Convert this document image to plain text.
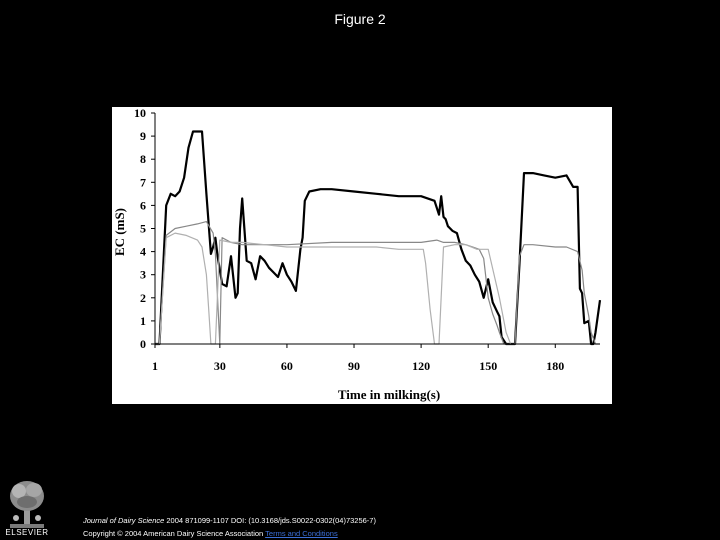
Figure 2
0
1
2
3
4
5
6
7
8
9
10
1	30	60	90	120	150	180
Time in milking(s)
EC (mS)
ELSEVIER
Journal of Dairy Science 2004 871099-1107 DOI: (10.3168/jds.S0022-0302(04)73256-7)
Copyright © 2004 American Dairy Science Association Terms and Conditions
